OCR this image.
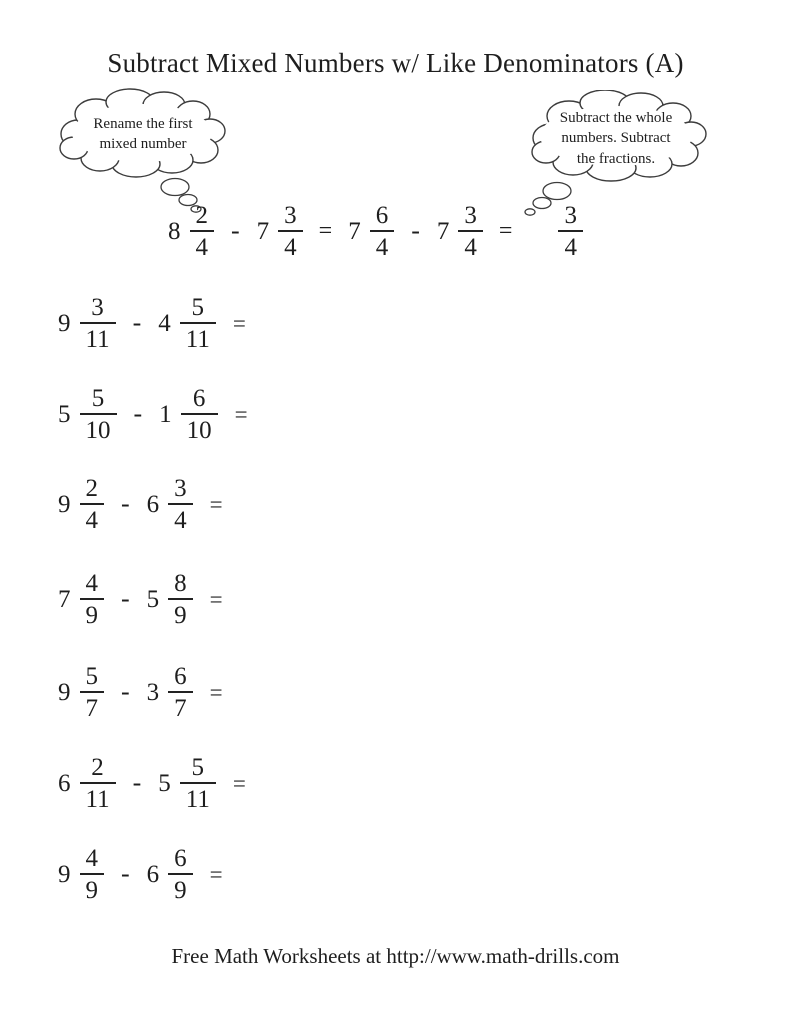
Subtract Mixed Numbers w/ Like Denominators (A)
Rename the first
mixed number
Subtract the whole
numbers. Subtract
the fractions.
$8 \frac{2}{4} - 7 \frac{3}{4} = 7 \frac{6}{4} - 7 \frac{3}{4} = \frac{3}{4}$
$9 \frac{3}{11} - 4 \frac{5}{11}$ =
$5 \frac{5}{10} - 1 \frac{6}{10}$ =
$9 \frac{2}{4} - 6 \frac{3}{4}$ =
$7 \frac{4}{9} - 5 \frac{8}{9}$ =
$9 \frac{5}{7} - 3 \frac{6}{7}$ =
$6 \frac{2}{11} - 5 \frac{5}{11}$ =
$9 \frac{4}{9} - 6 \frac{6}{9}$ =
Free Math Worksheets at http://www.math-drills.com
